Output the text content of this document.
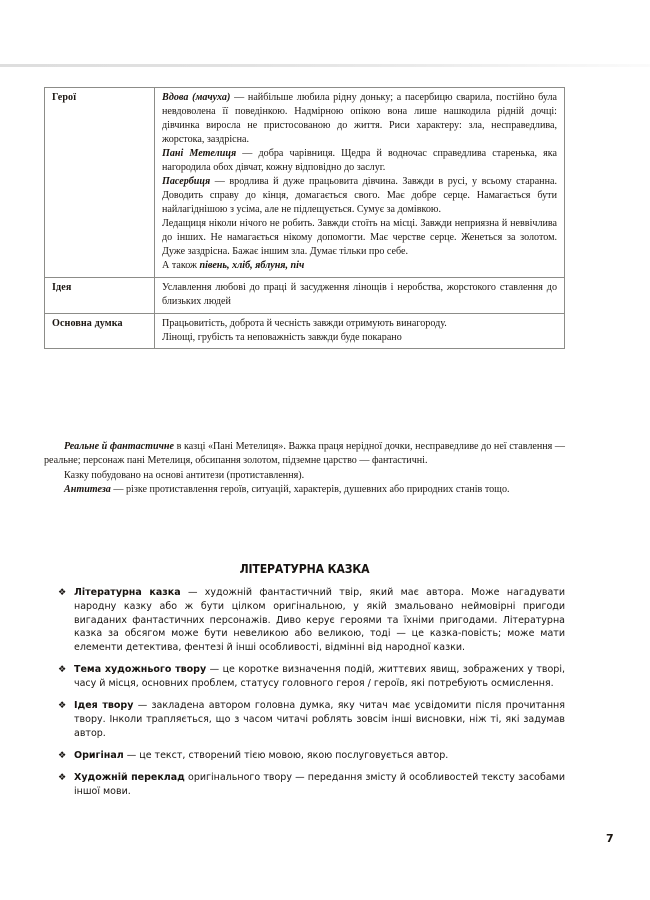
Герої	Вдова (мачуха) — найбільше любила рідну доньку; а пасербицю сварила, постійно була невдоволена її поведінкою. Надмірною опікою вона лише нашкодила рідній дочці: дівчинка виросла не пристосованою до життя. Риси характеру: зла, несправедлива, жорстока, заздрісна.

Пані Метелиця — добра чарівниця. Щедра й водночас справедлива старенька, яка нагородила обох дівчат, кожну відповідно до заслуг.

Пасербиця — вродлива й дуже працьовита дівчина. Завжди в русі, у всьому старанна. Доводить справу до кінця, домагається свого. Має добре серце. Намагається бути найлагіднішою з усіма, але не підлещується. Сумує за домівкою.

Ледащиця ніколи нічого не робить. Завжди стоїть на місці. Завжди неприязна й неввічлива до інших. Не намагається нікому допомогти. Має черстве серце. Женеться за золотом. Дуже заздрісна. Бажає іншим зла. Думає тільки про себе.

А також півень, хліб, яблуня, піч

Ідея	Уславлення любові до праці й засудження лінощів і неробства, жорстокого ставлення до близьких людей

Основна думка	Працьовитість, доброта й чесність завжди отримують винагороду.

Лінощі, грубість та неповажність завжди буде покарано

Реальне й фантастичне в казці «Пані Метелиця». Важка праця нерідної дочки, несправедливе до неї ставлення — реальне; персонаж пані Метелиця, обсипання золотом, підземне царство — фантастичні.

Казку побудовано на основі антитези (протиставлення).

Антитеза — різке протиставлення героїв, ситуацій, характерів, душевних або природних станів тощо.

ЛІТЕРАТУРНА КАЗКА
❖ Літературна казка — художній фантастичний твір, який має автора. Може нагадувати народну казку або ж бути цілком оригінальною, у якій змальовано неймовірні пригоди вигаданих фантастичних персонажів. Диво керує героями та їхніми пригодами. Літературна казка за обсягом може бути невеликою або великою, тоді — це казка-повість; може мати елементи детектива, фентезі й інші особливості, відмінні від народної казки.
❖ Тема художнього твору — це коротке визначення подій, життєвих явищ, зображених у творі, часу й місця, основних проблем, статусу головного героя / героїв, які потребують осмислення.
❖ Ідея твору — закладена автором головна думка, яку читач має усвідомити після прочитання твору. Інколи трапляється, що з часом читачі роблять зовсім інші висновки, ніж ті, які задумав автор.
❖ Оригінал — це текст, створений тією мовою, якою послуговується автор.
❖ Художній переклад оригінального твору — передання змісту й особливостей тексту засобами іншої мови.
7
